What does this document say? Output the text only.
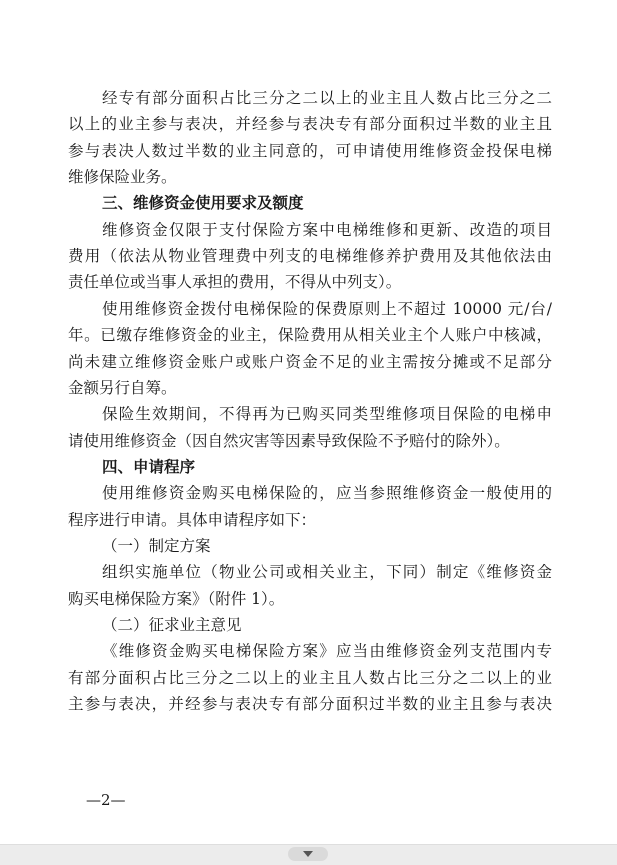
经专有部分面积占比三分之二以上的业主且人数占比三分之二
以上的业主参与表决，并经参与表决专有部分面积过半数的业主且
参与表决人数过半数的业主同意的，可申请使用维修资金投保电梯
维修保险业务。
三、维修资金使用要求及额度
维修资金仅限于支付保险方案中电梯维修和更新、改造的项目
费用（依法从物业管理费中列支的电梯维修养护费用及其他依法由
责任单位或当事人承担的费用，不得从中列支）。
使用维修资金拨付电梯保险的保费原则上不超过 10000 元/台/
年。已缴存维修资金的业主，保险费用从相关业主个人账户中核减，
尚未建立维修资金账户或账户资金不足的业主需按分摊或不足部分
金额另行自筹。
保险生效期间，不得再为已购买同类型维修项目保险的电梯申
请使用维修资金（因自然灾害等因素导致保险不予赔付的除外）。
四、申请程序
使用维修资金购买电梯保险的，应当参照维修资金一般使用的
程序进行申请。具体申请程序如下：
（一）制定方案
组织实施单位（物业公司或相关业主，下同）制定《维修资金
购买电梯保险方案》（附件 1）。
（二）征求业主意见
《维修资金购买电梯保险方案》应当由维修资金列支范围内专
有部分面积占比三分之二以上的业主且人数占比三分之二以上的业
主参与表决，并经参与表决专有部分面积过半数的业主且参与表决
—2—
